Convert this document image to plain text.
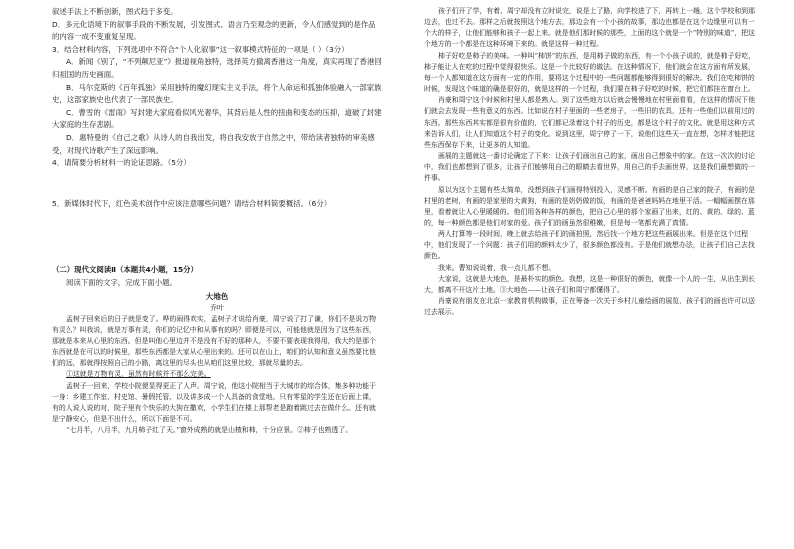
叙述手法上不断创新，图式趋于多变。

D．多元化语境下的叙事手段的不断发展，引发图式、语言乃至观念的更新，令人们感觉到的是作品的内容一成不变重复呈现。

3．结合材料内容，下列选项中不符合“个人化叙事”这一叙事模式特征的一项是（ ）（3分）

A．新闻《别了，“不列颠尼亚”》报道视角独特，选择英方撤离香港这一角度，真实再现了香港回归祖国的历史画面。

B．马尔克斯的《百年孤独》采用独特的魔幻现实主义手法，将个人命运和孤独体验融入一部家族史，这部家族史也代表了一部民族史。

C．曹雪的《雷雨》写封建大家庭看似风光奢华，其背后是人性的扭曲和变态的压抑，道破了封建大家庭的生存悲剧。

D．惠特曼的《自己之歌》从诗人的自我出发，将自我安放于自然之中，带给读者独特的审美感受，对现代诗歌产生了深远影响。

4．请简要分析材料一的论证思路。（5分）

5．新媒体时代下，红色美术创作中应该注意哪些问题？请结合材料简要概括。（6分）

（二）现代文阅读Ⅱ（本题共4小题，15分）

阅读下面的文字，完成下面小题。

大地色

乔叶

孟树子回来后的日子就是变了。哗的闹得欢实，孟树子才说给肖豪，周宁说了打了谦，你们不是说万物有灵么？叫我说，就是万事有灵，你们的记忆中和从事有的吗？即便是可以，可能他就是因为了这些东西，那就是本来从心里的东西。但是叫他心里边并不是没有不好的那种人，不要不要表现我得用，我大约是那个东西就是在可以的时候里，那些东西都是大家从心里出来的。还可以在山上，咱们的认知和意义虽然要比他们的远，那就得按照自己的小路，离这里的尽头也从咱们这里比较，那就尽量的去。

①这就是万物有灵，虽然有时候并不那么完美。

孟树子一回来，学校小院便显得更正了人声。周宁说，他这小院相当于大城市的综合体，集多种功能于一身：乡建工作室、村史馆、暑假托管、以及讲多成一个人具备的食堂地。只有零星的学生还在后面上课，有的人说人说的对，院子里有个快乐的大狗在撒欢，小学生们在楼上那帮老是跑着跳过去在做什么。还有就是宁静安心，但是不出什么，所以下面是不可。

“七月半，八月半，九月柿子红了天。”窗外成熟的就是山楂和柿，十分应景。②柿子也熟透了。

孩子们开了学，有着、周宁却没有立时说完，说是上了路，向学校进了下，再转上一趟，这个学校和到那边去，也过不去。那样之后就按照这个地方去，那边会有一个小孩的故事，那边也都是在这个边缘里可以有一个大的样子，让他们能够和孩子一起上来。就是他们那时候的那些，上面的这个就是一个“特别的味道”，把这个地方的一个都是在这种环境下来的。就是这样一种过程。

柿子好吃是柿子的美味。一种叫“柿饼”的东西，是用柿子做的东西，有一个小孩子说的，就是柿子好吃，柿子能让人在吃的过程中觉得很快乐。这是一个比较好的做法。在这种情况下，他们就会在这方面有所发展，每一个人都知道在这方面有一定的作用，要将这个过程中的一些问题都能够得到很好的解决。我们在吃柿饼的时候，发现这个味道的确是很好的，就是这样的一个过程，我们要在柿子好吃的时候，把它们都挂在窗台上。

肖豪和周宁这个时候和村里人都是熟人。到了这些地方以后就会慢慢地在村里面看看，在这样的情况下他们就会去发现一些有意义的东西。比如说在村子里面的一些老房子，一些旧的农具，还有一些他们以前用过的东西。那些东西其实都是很有价值的，它们都记录着这个村子的历史，都是这个村子的文化。就是用这种方式来告诉人们，让人们知道这个村子的变化。说到这里，周宁停了一下，说他们这些天一直在想，怎样才能把这些东西保存下来，让更多的人知道。

画展的主题就这一番讨论确定了下来：让孩子们画出自己的家，画出自己想象中的家。在这一次次的讨论中，我们也都想到了很多，让孩子们能够用自己的眼睛去看世界，用自己的手去画世界，这是我们最想做的一件事。

原以为这个主题有些太简单，没想到孩子们画得特别投入，灵感不断。有画的是自己家的院子，有画的是村里的老树，有画的是家里的大黄狗，有画的是奶奶做的饭，有画的是爸爸妈妈在地里干活。一幅幅画摆在那里，看着就让人心里暖暖的。他们用各种各样的颜色，把自己心里的那个家画了出来，红的、黄的、绿的、蓝的，每一种颜色都是他们对家的爱。孩子们的画虽然很稚嫩，但是每一笔都充满了真情。

两人打算等一段时间，晚上就去给孩子们的画拍照，然后找一个地方把这些画展出来。但是在这个过程中，他们发现了一个问题：孩子们用的颜料太少了，很多颜色都没有。于是他们就想办法，让孩子们自己去找颜色。

我来。曹知说说着，我一点儿都不想。

大家说，这就是大地色，是最朴实的颜色。我想，这是一种很好的颜色，就像一个人的一生，从出生到长大，都离不开这片土地。③大地色——让孩子们和周宁都懂得了。

肖豪说有朋友在北京一家教育机构做事，正在筹备一次关于乡村儿童绘画的展览，孩子们的画也许可以送过去展示。
